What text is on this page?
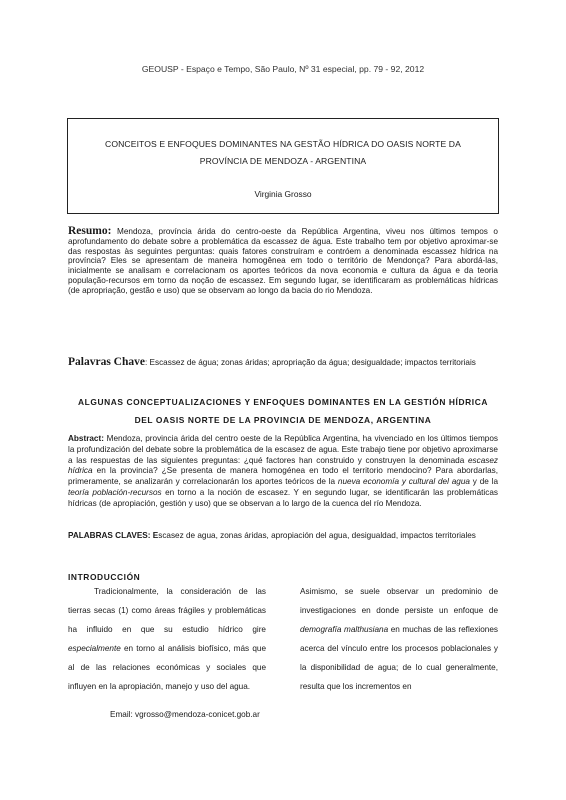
GEOUSP - Espaço e Tempo, São Paulo, Nº 31 especial, pp. 79 - 92, 2012
CONCEITOS E ENFOQUES DOMINANTES NA GESTÃO HÍDRICA DO OASIS NORTE DA
PROVÍNCIA DE MENDOZA - ARGENTINA
Virginia Grosso
Resumo: Mendoza, província árida do centro-oeste da República Argentina, viveu nos últimos tempos o aprofundamento do debate sobre a problemática da escassez de água. Este trabalho tem por objetivo aproximar-se das respostas às seguintes perguntas: quais fatores construíram e contróem a denominada escassez hídrica na província? Eles se apresentam de maneira homogênea em todo o território de Mendonça? Para abordá-las, inicialmente se analisam e correlacionam os aportes teóricos da nova economia e cultura da água e da teoria população-recursos em torno da noção de escassez. Em segundo lugar, se identificaram as problemáticas hídricas (de apropriação, gestão e uso) que se observam ao longo da bacia do rio Mendoza.
Palavras Chave: Escassez de água; zonas áridas; apropriação da água; desigualdade; impactos territoriais
ALGUNAS CONCEPTUALIZACIONES Y ENFOQUES DOMINANTES EN LA GESTIÓN HÍDRICA
DEL OASIS NORTE DE LA PROVINCIA DE MENDOZA, ARGENTINA
Abstract: Mendoza, provincia árida del centro oeste de la República Argentina, ha vivenciado en los últimos tiempos la profundización del debate sobre la problemática de la escasez de agua. Este trabajo tiene por objetivo aproximarse a las respuestas de las siguientes preguntas: ¿qué factores han construido y construyen la denominada escasez hídrica en la provincia? ¿Se presenta de manera homogénea en todo el territorio mendocino? Para abordarlas, primeramente, se analizarán y correlacionarán los aportes teóricos de la nueva economía y cultural del agua y de la teoría población-recursos en torno a la noción de escasez. Y en segundo lugar, se identificarán las problemáticas hídricas (de apropiación, gestión y uso) que se observan a lo largo de la cuenca del río Mendoza.
PALABRAS CLAVES: Escasez de agua, zonas áridas, apropiación del agua, desigualdad, impactos territoriales
INTRODUCCIÓN
Tradicionalmente, la consideración de las tierras secas (1) como áreas frágiles y problemáticas ha influido en que su estudio hídrico gire especialmente en torno al análisis biofísico, más que al de las relaciones económicas y sociales que influyen en la apropiación, manejo y uso del agua.
Asimismo, se suele observar un predominio de investigaciones en donde persiste un enfoque de demografía malthusiana en muchas de las reflexiones acerca del vínculo entre los procesos poblacionales y la disponibilidad de agua; de lo cual generalmente, resulta que los incrementos en
Email: vgrosso@mendoza-conicet.gob.ar
